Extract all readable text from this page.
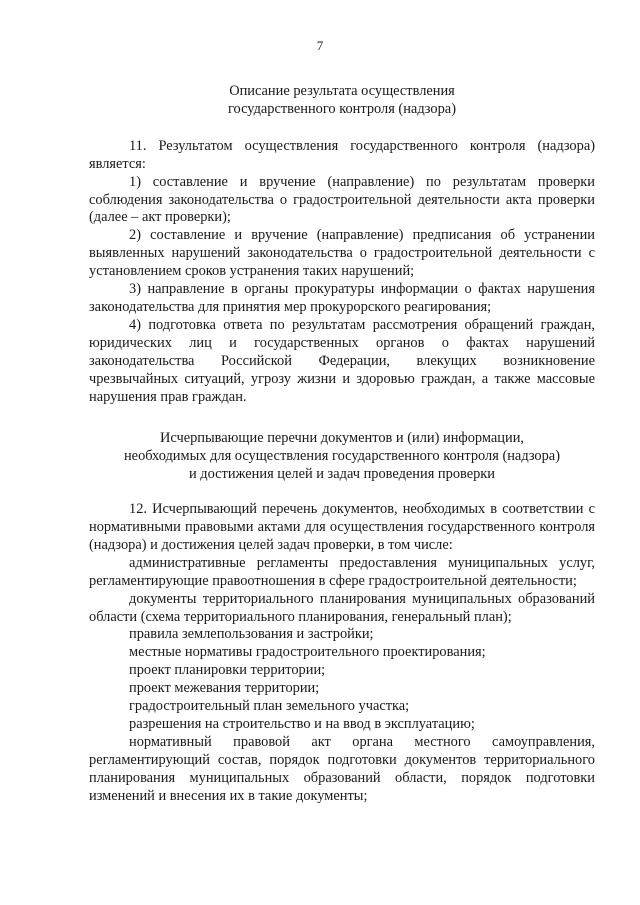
7
Описание результата осуществления
государственного контроля (надзора)

11. Результатом осуществления государственного контроля (надзора) является:

1) составление и вручение (направление) по результатам проверки соблюдения законодательства о градостроительной деятельности акта проверки (далее – акт проверки);

2) составление и вручение (направление) предписания об устранении выявленных нарушений законодательства о градостроительной деятельности с установлением сроков устранения таких нарушений;

3) направление в органы прокуратуры информации о фактах нарушения законодательства для принятия мер прокурорского реагирования;

4) подготовка ответа по результатам рассмотрения обращений граждан, юридических лиц и государственных органов о фактах нарушений законодательства Российской Федерации, влекущих возникновение чрезвычайных ситуаций, угрозу жизни и здоровью граждан, а также массовые нарушения прав граждан.

Исчерпывающие перечни документов и (или) информации,
необходимых для осуществления государственного контроля (надзора)
и достижения целей и задач проведения проверки

12. Исчерпывающий перечень документов, необходимых в соответствии с нормативными правовыми актами для осуществления государственного контроля (надзора) и достижения целей задач проверки, в том числе:

административные регламенты предоставления муниципальных услуг, регламентирующие правоотношения в сфере градостроительной деятельности;

документы территориального планирования муниципальных образований области (схема территориального планирования, генеральный план);

правила землепользования и застройки;

местные нормативы градостроительного проектирования;

проект планировки территории;

проект межевания территории;

градостроительный план земельного участка;

разрешения на строительство и на ввод в эксплуатацию;

нормативный правовой акт органа местного самоуправления, регламентирующий состав, порядок подготовки документов территориального планирования муниципальных образований области, порядок подготовки изменений и внесения их в такие документы;
